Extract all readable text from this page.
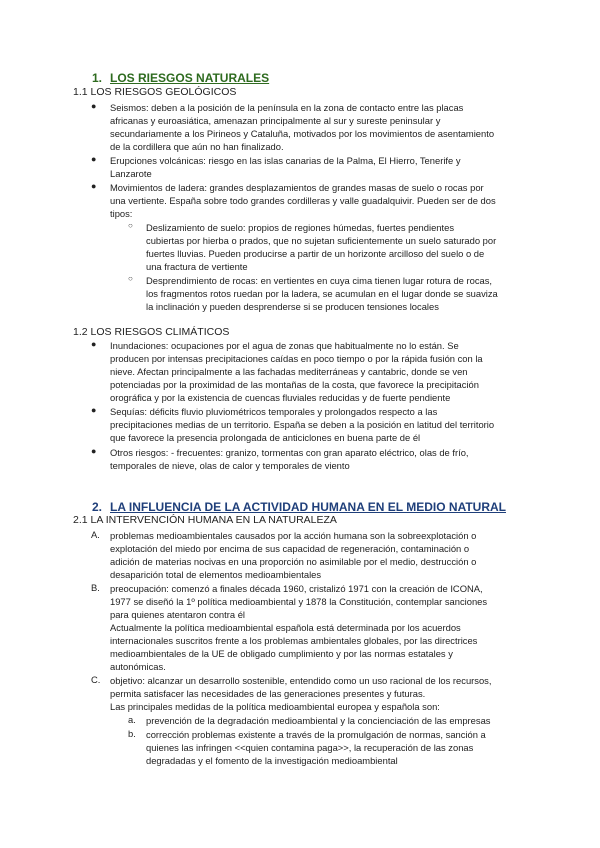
1. LOS RIESGOS NATURALES
1.1 LOS RIESGOS GEOLÓGICOS
● Seismos: deben a la posición de la península en la zona de contacto entre las placas
africanas y euroasiática, amenazan principalmente al sur y sureste peninsular y
secundariamente a los Pirineos y Cataluña, motivados por los movimientos de asentamiento
de la cordillera que aún no han finalizado.
● Erupciones volcánicas: riesgo en las islas canarias de la Palma, El Hierro, Tenerife y
Lanzarote
● Movimientos de ladera: grandes desplazamientos de grandes masas de suelo o rocas por
una vertiente. España sobre todo grandes cordilleras y valle guadalquivir. Pueden ser de dos
tipos:
○ Deslizamiento de suelo: propios de regiones húmedas, fuertes pendientes
cubiertas por hierba o prados, que no sujetan suficientemente un suelo saturado por
fuertes lluvias. Pueden producirse a partir de un horizonte arcilloso del suelo o de
una fractura de vertiente
○ Desprendimiento de rocas: en vertientes en cuya cima tienen lugar rotura de rocas,
los fragmentos rotos ruedan por la ladera, se acumulan en el lugar donde se suaviza
la inclinación y pueden desprenderse si se producen tensiones locales
1.2 LOS RIESGOS CLIMÁTICOS
● Inundaciones: ocupaciones por el agua de zonas que habitualmente no lo están. Se
producen por intensas precipitaciones caídas en poco tiempo o por la rápida fusión con la
nieve. Afectan principalmente a las fachadas mediterráneas y cantabric, donde se ven
potenciadas por la proximidad de las montañas de la costa, que favorece la precipitación
orográfica y por la existencia de cuencas fluviales reducidas y de fuerte pendiente
● Sequías: déficits fluvio pluviométricos temporales y prolongados respecto a las
precipitaciones medias de un territorio. España se deben a la posición en latitud del territorio
que favorece la presencia prolongada de anticiclones en buena parte de él
● Otros riesgos: - frecuentes: granizo, tormentas con gran aparato eléctrico, olas de frío,
temporales de nieve, olas de calor y temporales de viento
2. LA INFLUENCIA DE LA ACTIVIDAD HUMANA EN EL MEDIO NATURAL
2.1 LA INTERVENCIÓN HUMANA EN LA NATURALEZA
A. problemas medioambientales causados por la acción humana son la sobreexplotación o
explotación del miedo por encima de sus capacidad de regeneración, contaminación o
adición de materias nocivas en una proporción no asimilable por el medio, destrucción o
desaparición total de elementos medioambientales
B. preocupación: comenzó a finales década 1960, cristalizó 1971 con la creación de ICONA,
1977 se diseñó la 1º política medioambiental y 1878 la Constitución, contemplar sanciones
para quienes atentaron contra él
Actualmente la política medioambiental española está determinada por los acuerdos
internacionales suscritos frente a los problemas ambientales globales, por las directrices
medioambientales de la UE de obligado cumplimiento y por las normas estatales y
autonómicas.
C. objetivo: alcanzar un desarrollo sostenible, entendido como un uso racional de los recursos,
permita satisfacer las necesidades de las generaciones presentes y futuras.
Las principales medidas de la política medioambiental europea y española son:
a. prevención de la degradación medioambiental y la concienciación de las empresas
b. corrección problemas existente a través de la promulgación de normas, sanción a
quienes las infringen <<quien contamina paga>>, la recuperación de las zonas
degradadas y el fomento de la investigación medioambiental
